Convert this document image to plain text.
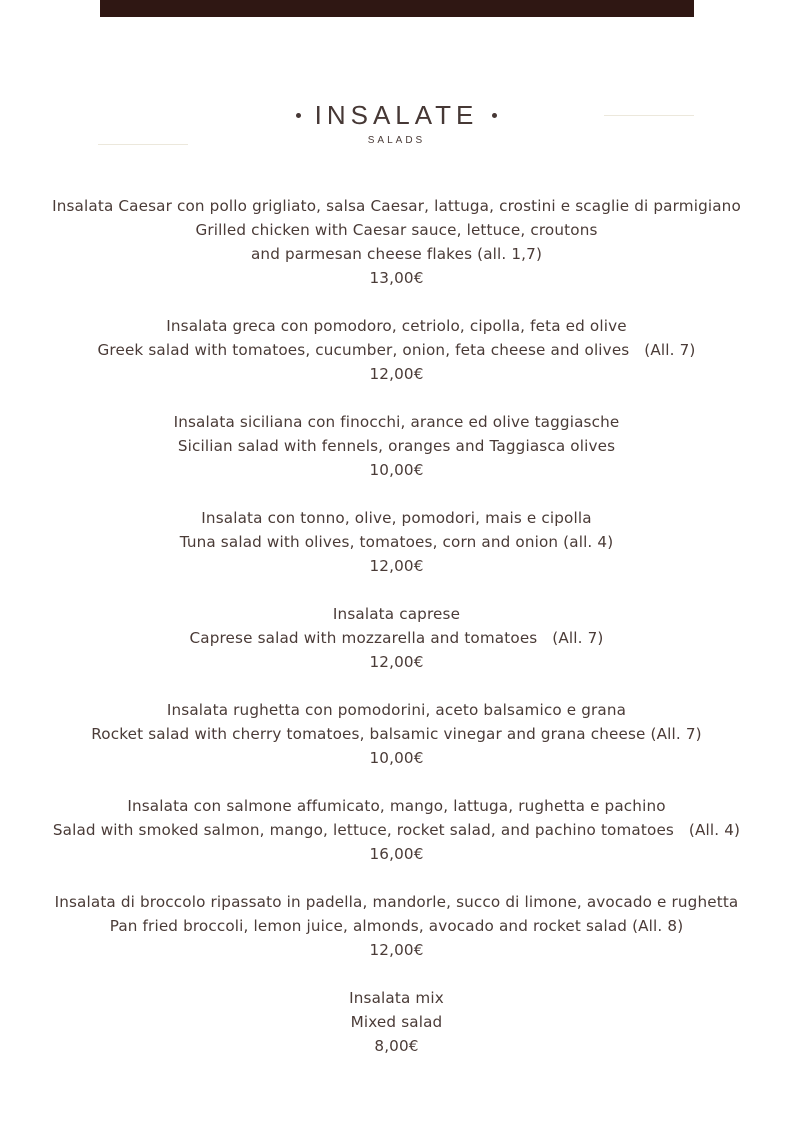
INSALATE
SALADS
Insalata Caesar con pollo grigliato, salsa Caesar, lattuga, crostini e scaglie di parmigiano
Grilled chicken with Caesar sauce, lettuce, croutons
and parmesan cheese flakes (all. 1,7)
13,00€
Insalata greca con pomodoro, cetriolo, cipolla, feta ed olive
Greek salad with tomatoes, cucumber, onion, feta cheese and olives   (All. 7)
12,00€
Insalata siciliana con finocchi, arance ed olive taggiasche
Sicilian salad with fennels, oranges and Taggiasca olives
10,00€
Insalata con tonno, olive, pomodori, mais e cipolla
Tuna salad with olives, tomatoes, corn and onion (all. 4)
12,00€
Insalata caprese
Caprese salad with mozzarella and tomatoes   (All. 7)
12,00€
Insalata rughetta con pomodorini, aceto balsamico e grana
Rocket salad with cherry tomatoes, balsamic vinegar and grana cheese (All. 7)
10,00€
Insalata con salmone affumicato, mango, lattuga, rughetta e pachino
Salad with smoked salmon, mango, lettuce, rocket salad, and pachino tomatoes   (All. 4)
16,00€
Insalata di broccolo ripassato in padella, mandorle, succo di limone, avocado e rughetta
Pan fried broccoli, lemon juice, almonds, avocado and rocket salad (All. 8)
12,00€
Insalata mix
Mixed salad
8,00€
